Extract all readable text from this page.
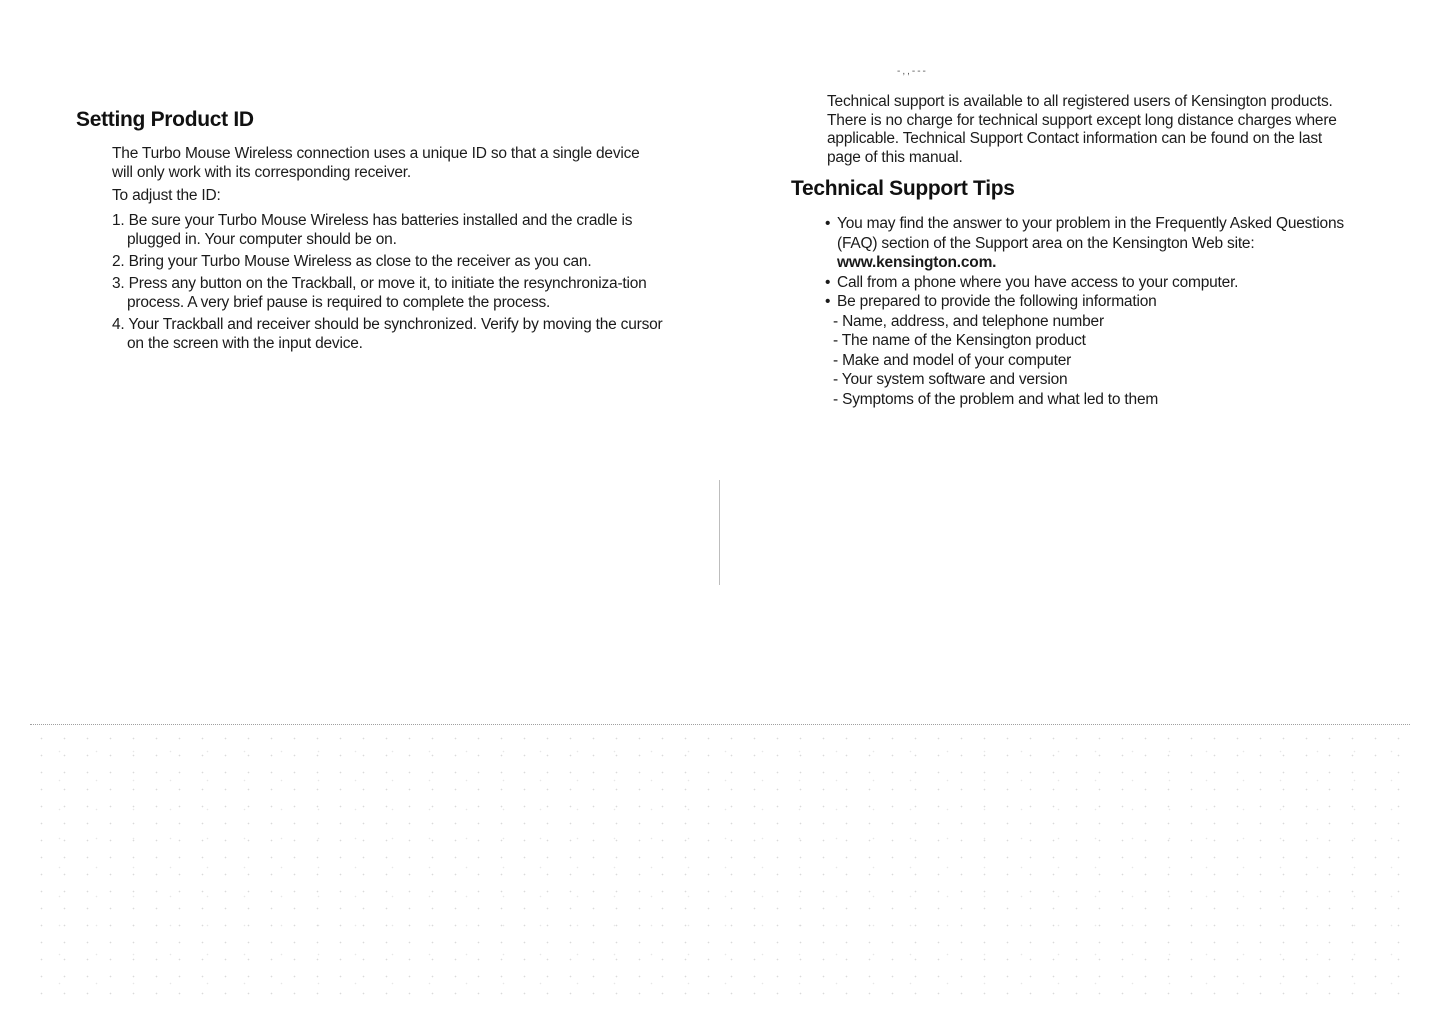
Setting Product ID

The Turbo Mouse Wireless connection uses a unique ID so that a single device will only work with its corresponding receiver.

To adjust the ID:

1. Be sure your Turbo Mouse Wireless has batteries installed and the cradle is plugged in. Your computer should be on.
2. Bring your Turbo Mouse Wireless as close to the receiver as you can.
3. Press any button on the Trackball, or move it, to initiate the resynchroniza-tion process. A very brief pause is required to complete the process.
4. Your Trackball and receiver should be synchronized. Verify by moving the cursor on the screen with the input device.
-,,---

Technical support is available to all registered users of Kensington products. There is no charge for technical support except long distance charges where applicable. Technical Support Contact information can be found on the last page of this manual.

Technical Support Tips
• You may find the answer to your problem in the Frequently Asked Questions (FAQ) section of the Support area on the Kensington Web site: www.kensington.com.
• Call from a phone where you have access to your computer.
• Be prepared to provide the following information
- Name, address, and telephone number
- The name of the Kensington product
- Make and model of your computer
- Your system software and version
- Symptoms of the problem and what led to them
